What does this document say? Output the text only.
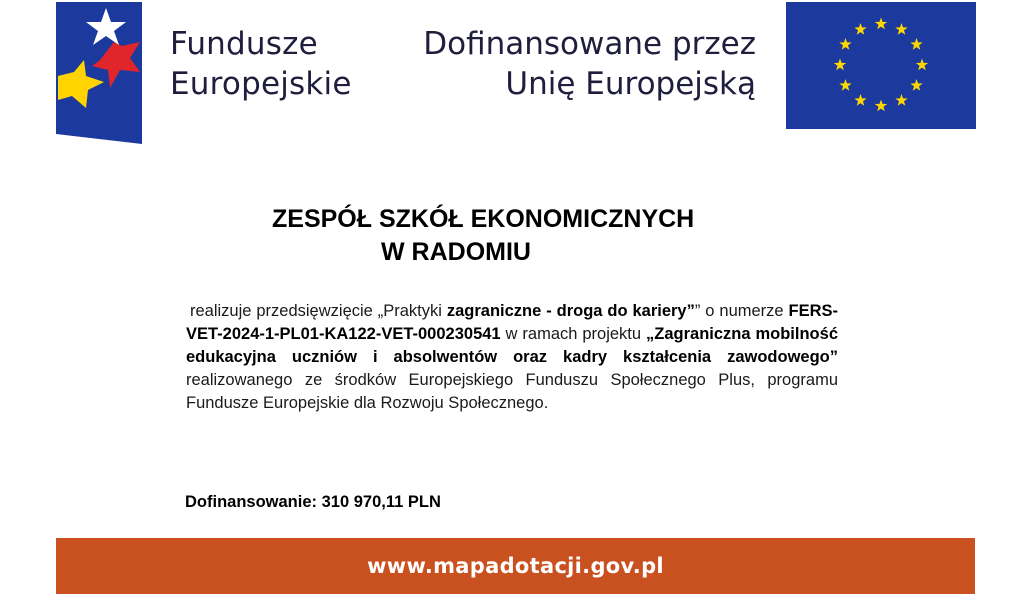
Fundusze
Europejskie
Dofinansowane przez
Unię Europejską
ZESPÓŁ SZKÓŁ EKONOMICZNYCH
W RADOMIU
realizuje przedsięwzięcie „Praktyki zagraniczne - droga do kariery”” o numerze FERS-VET-2024-1-PL01-KA122-VET-000230541 w ramach projektu „Zagraniczna mobilność edukacyjna uczniów i absolwentów oraz kadry kształcenia zawodowego” realizowanego ze środków Europejskiego Funduszu Społecznego Plus, programu Fundusze Europejskie dla Rozwoju Społecznego.
Dofinansowanie: 310 970,11 PLN
www.mapadotacji.gov.pl
